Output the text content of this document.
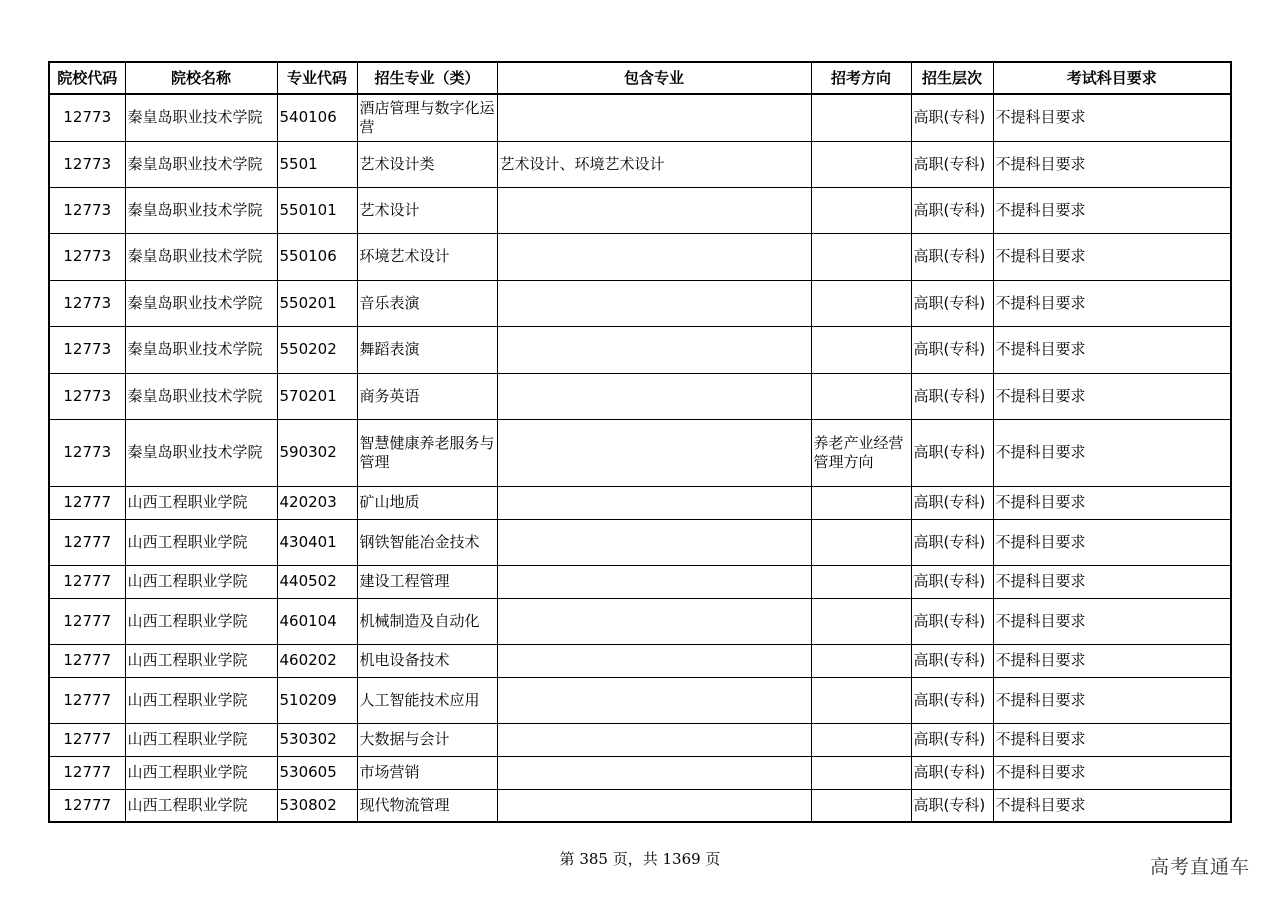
院校代码	院校名称	专业代码	招生专业（类）	包含专业	招考方向	招生层次	考试科目要求
12773	秦皇岛职业技术学院	540106	酒店管理与数字化运营			高职(专科)	不提科目要求
12773	秦皇岛职业技术学院	5501	艺术设计类	艺术设计、环境艺术设计		高职(专科)	不提科目要求
12773	秦皇岛职业技术学院	550101	艺术设计			高职(专科)	不提科目要求
12773	秦皇岛职业技术学院	550106	环境艺术设计			高职(专科)	不提科目要求
12773	秦皇岛职业技术学院	550201	音乐表演			高职(专科)	不提科目要求
12773	秦皇岛职业技术学院	550202	舞蹈表演			高职(专科)	不提科目要求
12773	秦皇岛职业技术学院	570201	商务英语			高职(专科)	不提科目要求
12773	秦皇岛职业技术学院	590302	智慧健康养老服务与管理		养老产业经营管理方向	高职(专科)	不提科目要求
12777	山西工程职业学院	420203	矿山地质			高职(专科)	不提科目要求
12777	山西工程职业学院	430401	钢铁智能冶金技术			高职(专科)	不提科目要求
12777	山西工程职业学院	440502	建设工程管理			高职(专科)	不提科目要求
12777	山西工程职业学院	460104	机械制造及自动化			高职(专科)	不提科目要求
12777	山西工程职业学院	460202	机电设备技术			高职(专科)	不提科目要求
12777	山西工程职业学院	510209	人工智能技术应用			高职(专科)	不提科目要求
12777	山西工程职业学院	530302	大数据与会计			高职(专科)	不提科目要求
12777	山西工程职业学院	530605	市场营销			高职(专科)	不提科目要求
12777	山西工程职业学院	530802	现代物流管理			高职(专科)	不提科目要求
第 385 页，共 1369 页	高考直通车
